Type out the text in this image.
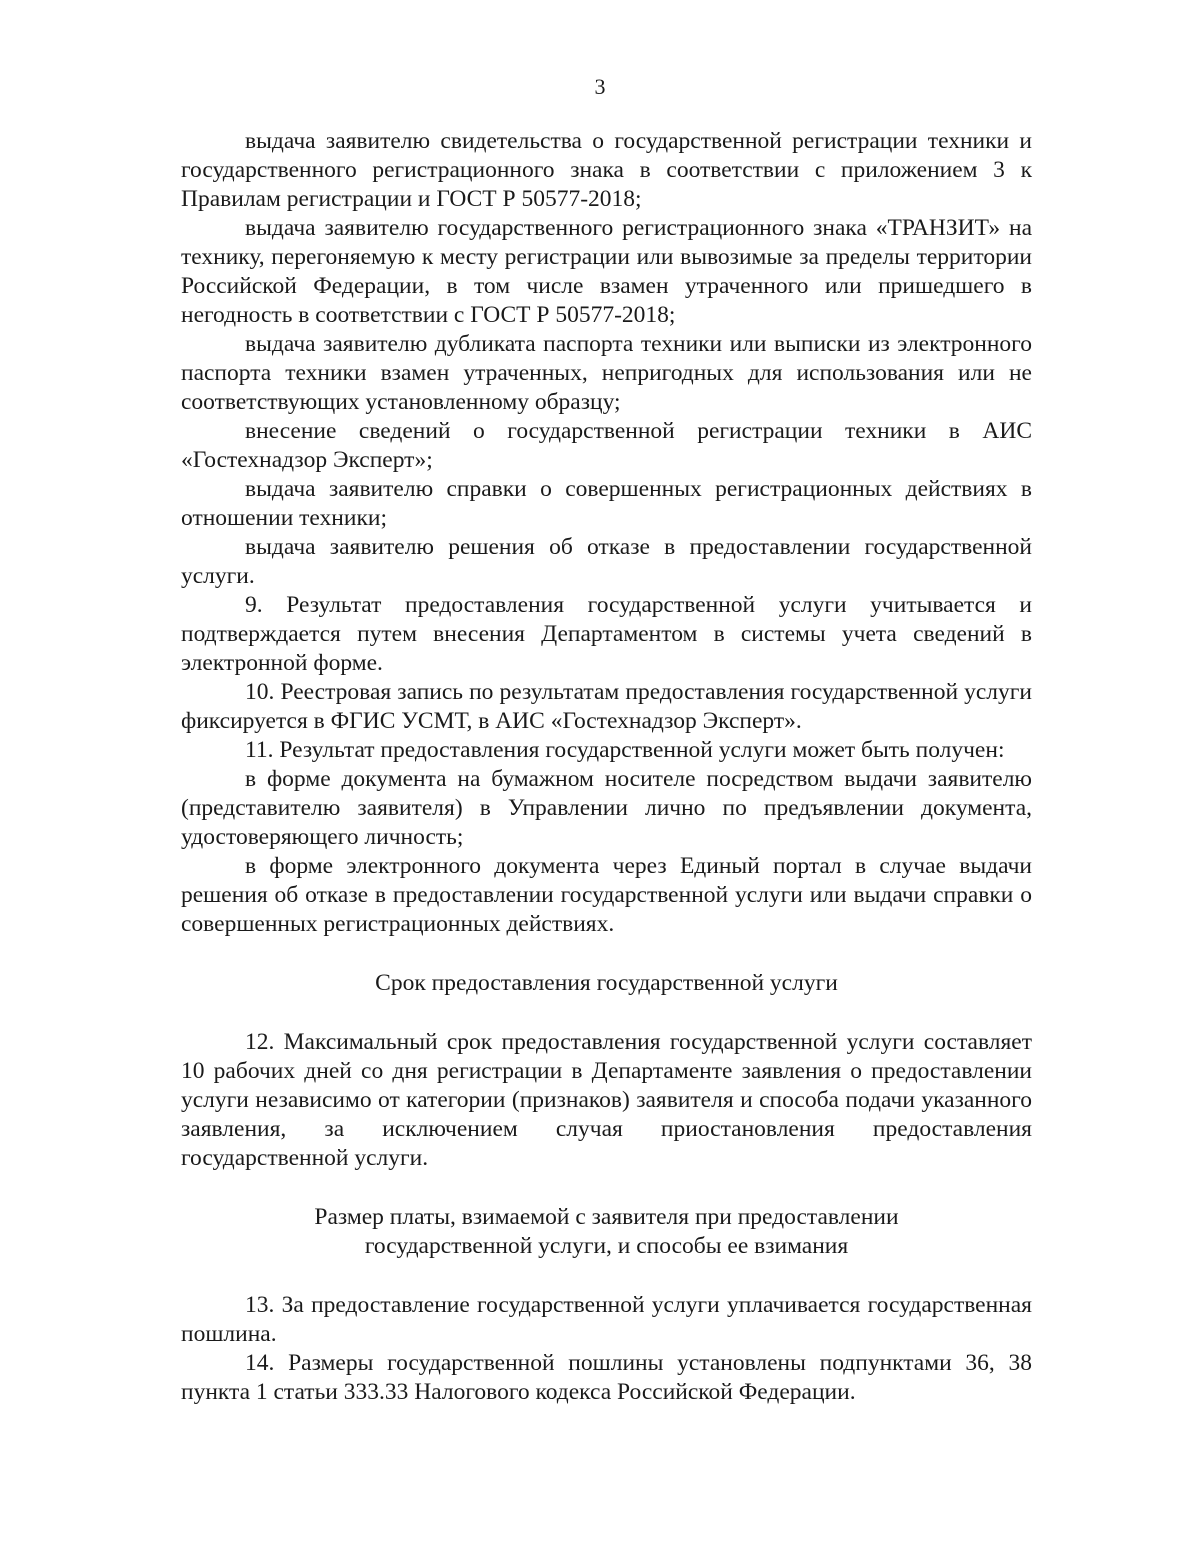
3

выдача заявителю свидетельства о государственной регистрации техники и государственного регистрационного знака в соответствии с приложением 3 к Правилам регистрации и ГОСТ Р 50577-2018;

выдача заявителю государственного регистрационного знака «ТРАНЗИТ» на технику, перегоняемую к месту регистрации или вывозимые за пределы территории Российской Федерации, в том числе взамен утраченного или пришедшего в негодность в соответствии с ГОСТ Р 50577-2018;

выдача заявителю дубликата паспорта техники или выписки из электронного паспорта техники взамен утраченных, непригодных для использования или не соответствующих установленному образцу;

внесение сведений о государственной регистрации техники в АИС «Гостехнадзор Эксперт»;

выдача заявителю справки о совершенных регистрационных действиях в отношении техники;

выдача заявителю решения об отказе в предоставлении государственной услуги.

9. Результат предоставления государственной услуги учитывается и подтверждается путем внесения Департаментом в системы учета сведений в электронной форме.

10. Реестровая запись по результатам предоставления государственной услуги фиксируется в ФГИС УСМТ, в АИС «Гостехнадзор Эксперт».

11. Результат предоставления государственной услуги может быть получен:

в форме документа на бумажном носителе посредством выдачи заявителю (представителю заявителя) в Управлении лично по предъявлении документа, удостоверяющего личность;

в форме электронного документа через Единый портал в случае выдачи решения об отказе в предоставлении государственной услуги или выдачи справки о совершенных регистрационных действиях.

Срок предоставления государственной услуги

12. Максимальный срок предоставления государственной услуги составляет 10 рабочих дней со дня регистрации в Департаменте заявления о предоставлении услуги независимо от категории (признаков) заявителя и способа подачи указанного заявления, за исключением случая приостановления предоставления государственной услуги.

Размер платы, взимаемой с заявителя при предоставлении

государственной услуги, и способы ее взимания

13. За предоставление государственной услуги уплачивается государственная пошлина.

14. Размеры государственной пошлины установлены подпунктами 36, 38 пункта 1 статьи 333.33 Налогового кодекса Российской Федерации.
